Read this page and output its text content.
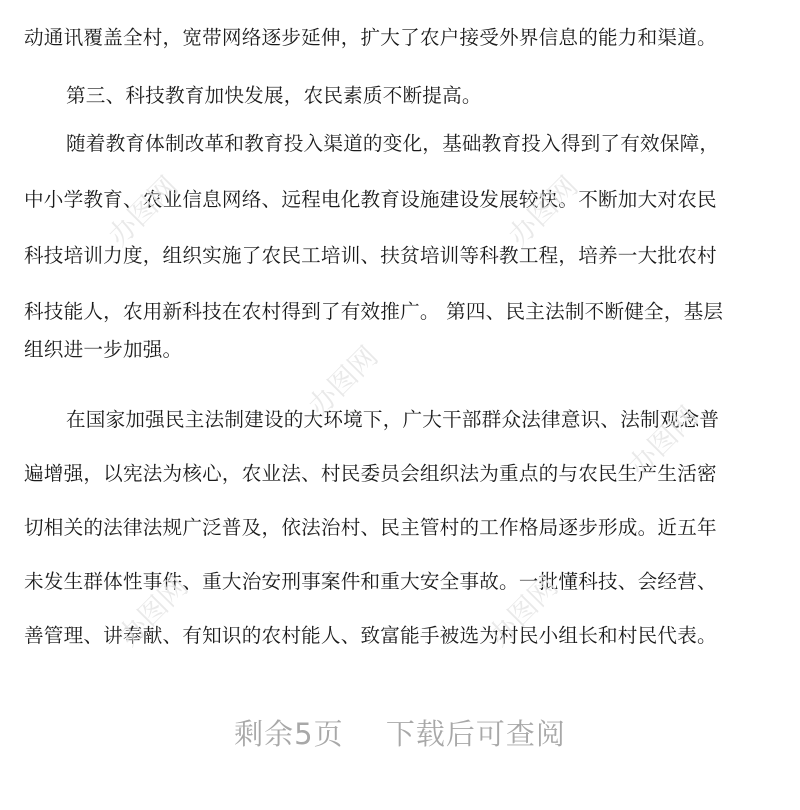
动通讯覆盖全村，宽带网络逐步延伸，扩大了农户接受外界信息的能力和渠道。
第三、科技教育加快发展，农民素质不断提高。
随着教育体制改革和教育投入渠道的变化，基础教育投入得到了有效保障，
中小学教育、农业信息网络、远程电化教育设施建设发展较快。不断加大对农民
科技培训力度，组织实施了农民工培训、扶贫培训等科教工程，培养一大批农村
科技能人，农用新科技在农村得到了有效推广。 第四、民主法制不断健全，基层
组织进一步加强。
在国家加强民主法制建设的大环境下，广大干部群众法律意识、法制观念普
遍增强，以宪法为核心，农业法、村民委员会组织法为重点的与农民生产生活密
切相关的法律法规广泛普及，依法治村、民主管村的工作格局逐步形成。近五年
未发生群体性事件、重大治安刑事案件和重大安全事故。一批懂科技、会经营、
善管理、讲奉献、有知识的农村能人、致富能手被选为村民小组长和村民代表。
办图网	办图网
办图网
办图网
办图网	办图网
剩余5页 下载后可查阅
